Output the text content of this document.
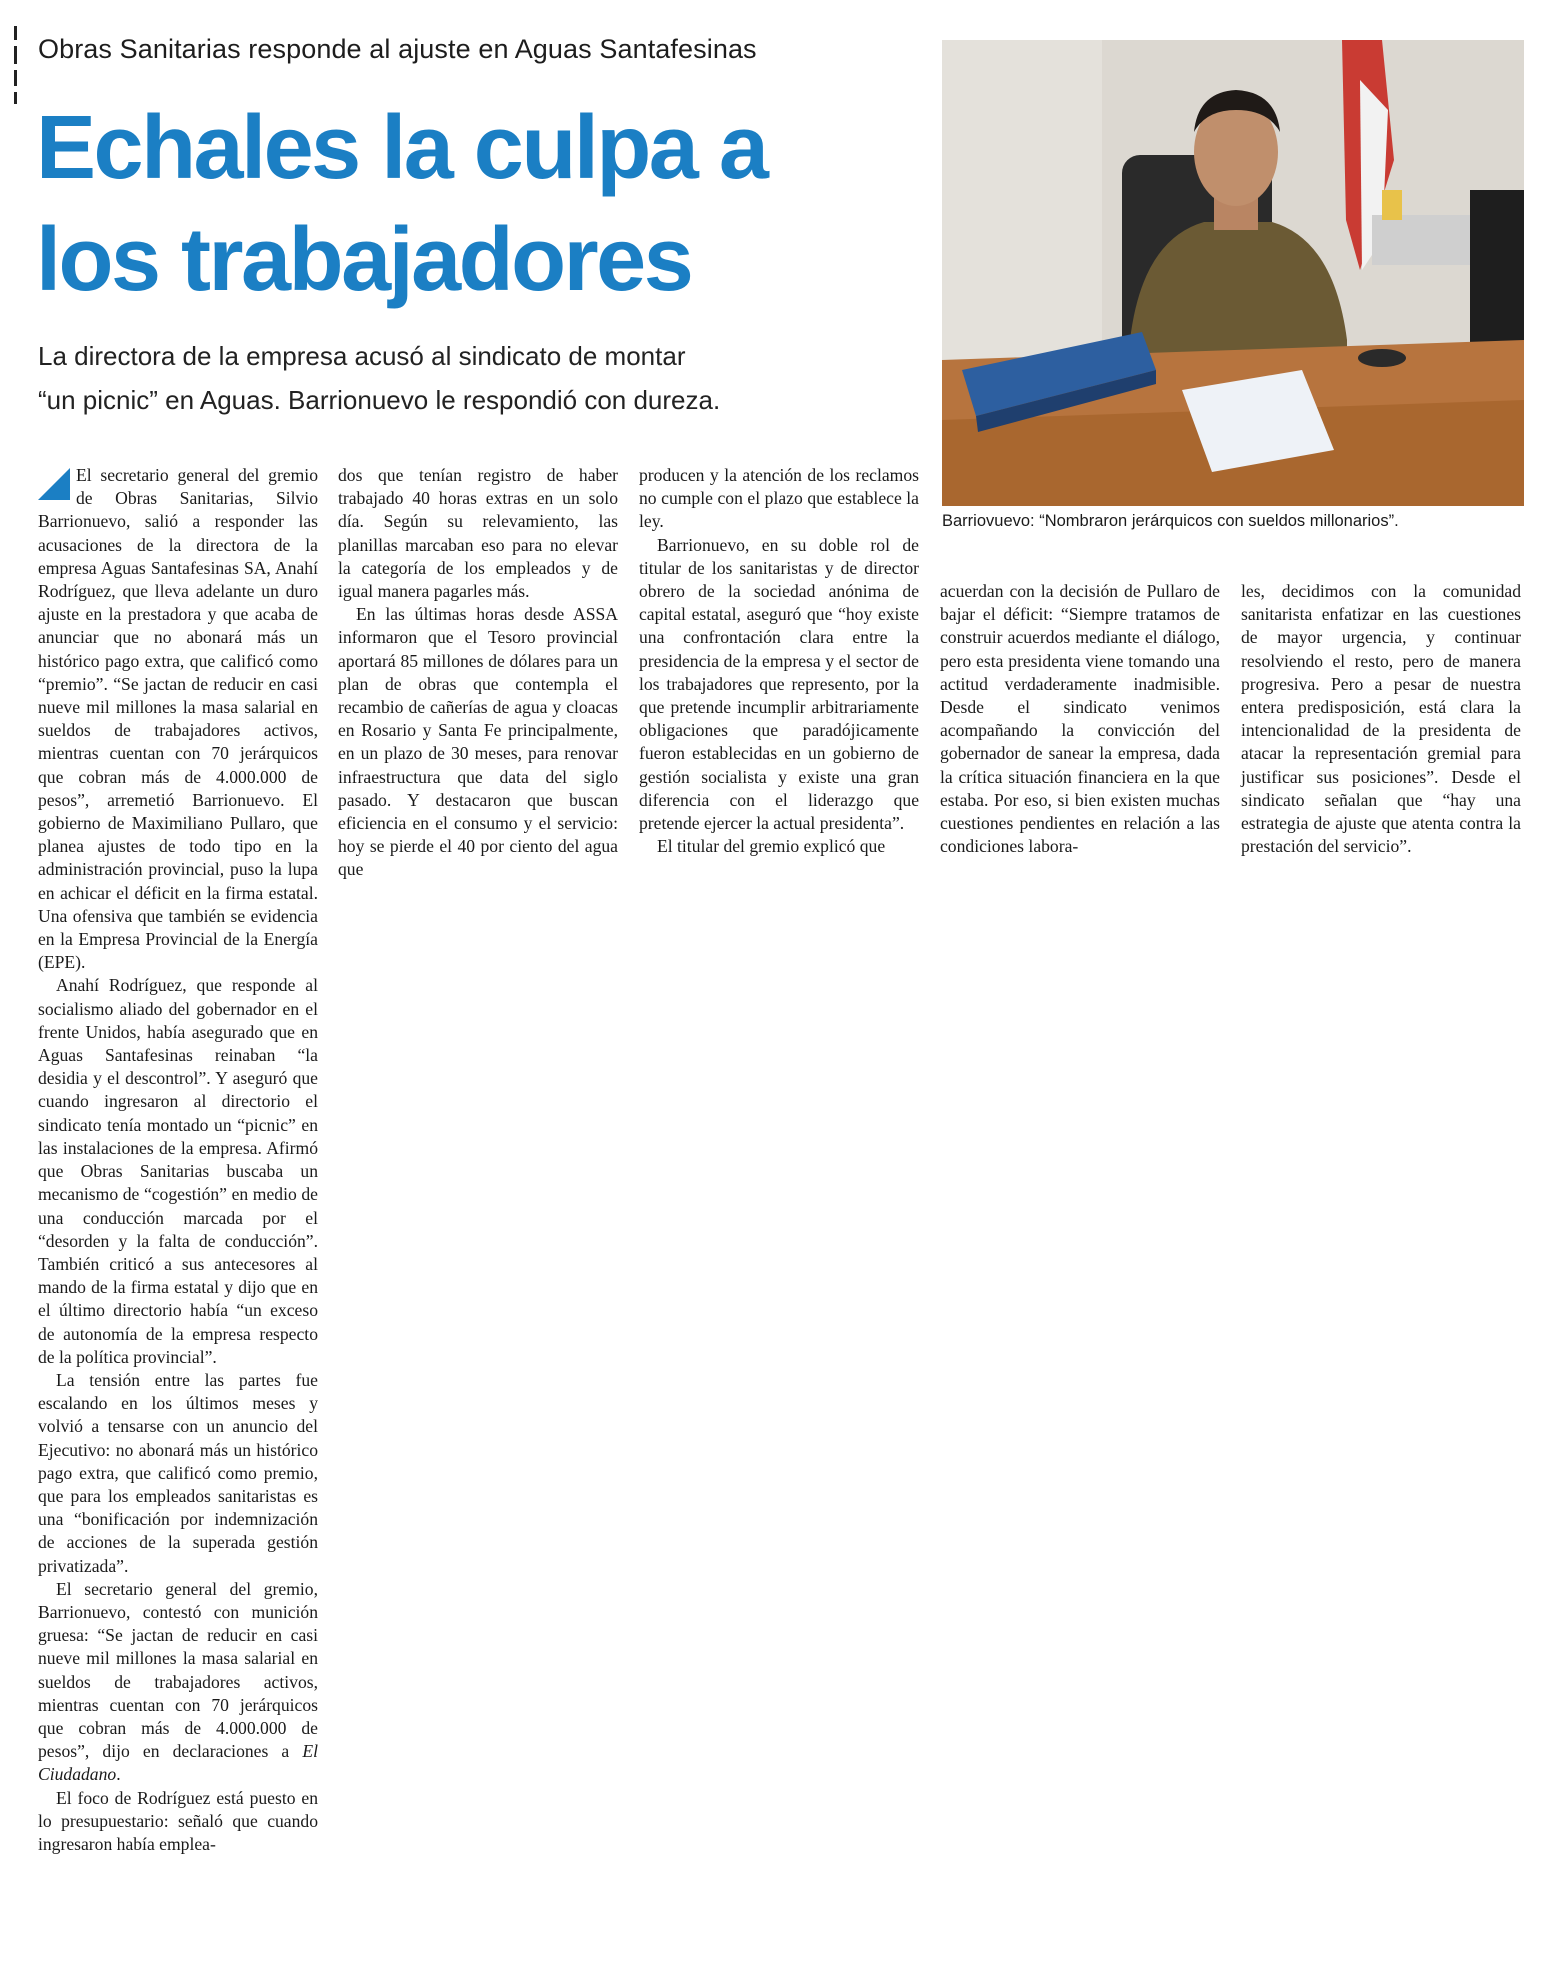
Obras Sanitarias responde al ajuste en Aguas Santafesinas
Echales la culpa a
los trabajadores
La directora de la empresa acusó al sindicato de montar
“un picnic” en Aguas. Barrionuevo le respondió con dureza.
Barriovuevo: “Nombraron jerárquicos con sueldos millonarios”.

El secretario general del gremio de Obras Sanitarias, Silvio Barrionuevo, salió a responder las acusaciones de la directora de la empresa Aguas Santafesinas SA, Anahí Rodríguez, que lleva adelante un duro ajuste en la prestadora y que acaba de anunciar que no abonará más un histórico pago extra, que calificó como “premio”. “Se jactan de reducir en casi nueve mil millones la masa salarial en sueldos de trabajadores activos, mientras cuentan con 70 jerárquicos que cobran más de 4.000.000 de pesos”, arremetió Barrionuevo. El gobierno de Maximiliano Pullaro, que planea ajustes de todo tipo en la administración provincial, puso la lupa en achicar el déficit en la firma estatal. Una ofensiva que también se evidencia en la Empresa Provincial de la Energía (EPE).

Anahí Rodríguez, que responde al socialismo aliado del gobernador en el frente Unidos, había asegurado que en Aguas Santafesinas reinaban “la desidia y el descontrol”. Y aseguró que cuando ingresaron al directorio el sindicato tenía montado un “picnic” en las instalaciones de la empresa. Afirmó que Obras Sanitarias buscaba un mecanismo de “cogestión” en medio de una conducción marcada por el “desorden y la falta de conducción”. También criticó a sus antecesores al mando de la firma estatal y dijo que en el último directorio había “un exceso de autonomía de la empresa respecto de la política provincial”.

La tensión entre las partes fue escalando en los últimos meses y volvió a tensarse con un anuncio del Ejecutivo: no abonará más un histórico pago extra, que calificó como premio, que para los empleados sanitaristas es una “bonificación por indemnización de acciones de la superada gestión privatizada”.

El secretario general del gremio, Barrionuevo, contestó con munición gruesa: “Se jactan de reducir en casi nueve mil millones la masa salarial en sueldos de trabajadores activos, mientras cuentan con 70 jerárquicos que cobran más de 4.000.000 de pesos”, dijo en declaraciones a El Ciudadano.

El foco de Rodríguez está puesto en lo presupuestario: señaló que cuando ingresaron había emplea-

dos que tenían registro de haber trabajado 40 horas extras en un solo día. Según su relevamiento, las planillas marcaban eso para no elevar la categoría de los empleados y de igual manera pagarles más.

En las últimas horas desde ASSA informaron que el Tesoro provincial aportará 85 millones de dólares para un plan de obras que contempla el recambio de cañerías de agua y cloacas en Rosario y Santa Fe principalmente, en un plazo de 30 meses, para renovar infraestructura que data del siglo pasado. Y destacaron que buscan eficiencia en el consumo y el servicio: hoy se pierde el 40 por ciento del agua que

producen y la atención de los reclamos no cumple con el plazo que establece la ley.

Barrionuevo, en su doble rol de titular de los sanitaristas y de director obrero de la sociedad anónima de capital estatal, aseguró que “hoy existe una confrontación clara entre la presidencia de la empresa y el sector de los trabajadores que represento, por la que pretende incumplir arbitrariamente obligaciones que paradójicamente fueron establecidas en un gobierno de gestión socialista y existe una gran diferencia con el liderazgo que pretende ejercer la actual presidenta”.

El titular del gremio explicó que

acuerdan con la decisión de Pullaro de bajar el déficit: “Siempre tratamos de construir acuerdos mediante el diálogo, pero esta presidenta viene tomando una actitud verdaderamente inadmisible. Desde el sindicato venimos acompañando la convicción del gobernador de sanear la empresa, dada la crítica situación financiera en la que estaba. Por eso, si bien existen muchas cuestiones pendientes en relación a las condiciones labora-

les, decidimos con la comunidad sanitarista enfatizar en las cuestiones de mayor urgencia, y continuar resolviendo el resto, pero de manera progresiva. Pero a pesar de nuestra entera predisposición, está clara la intencionalidad de la presidenta de atacar la representación gremial para justificar sus posiciones”. Desde el sindicato señalan que “hay una estrategia de ajuste que atenta contra la prestación del servicio”.
